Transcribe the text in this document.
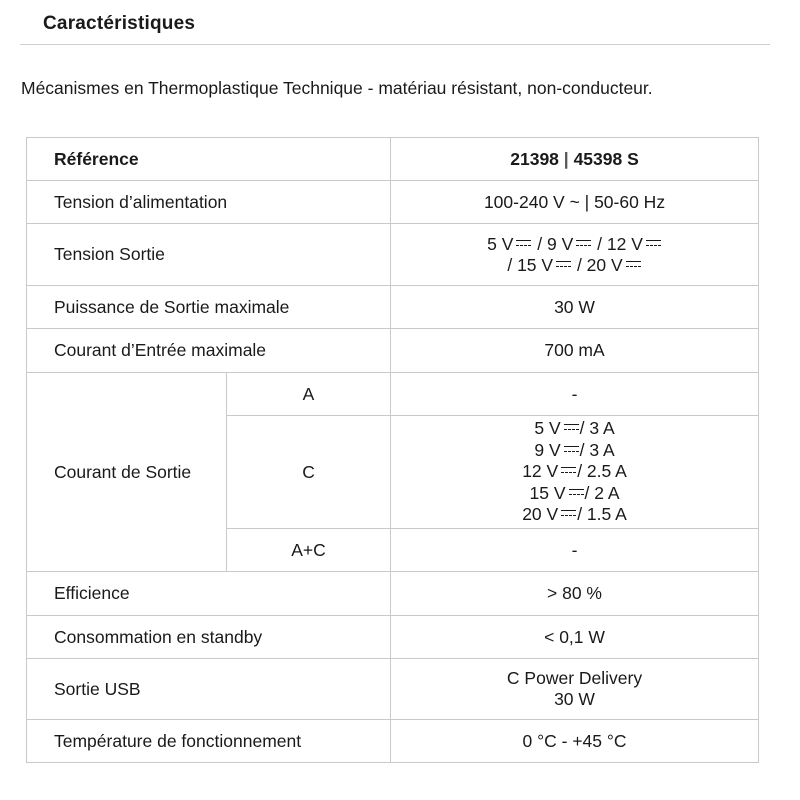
Caractéristiques
Mécanismes en Thermoplastique Technique - matériau résistant, non-conducteur.
Référence		21398 | 45398 S
Tension d’alimentation		100-240 V ~ | 50-60 Hz
Tension Sortie		5 V / 9 V / 12 V
/ 15 V / 20 V

Puissance de Sortie maximale		30 W
Courant d’Entrée maximale		700 mA
Courant de Sortie	A	-
	C	5 V / 3 A
9 V / 3 A
12 V / 2.5 A
15 V / 2 A
20 V / 1.5 A

	A+C	-
Efficience		> 80 %
Consommation en standby		< 0,1 W
Sortie USB		C Power Delivery
30 W

Température de fonctionnement		0 °C - +45 °C
